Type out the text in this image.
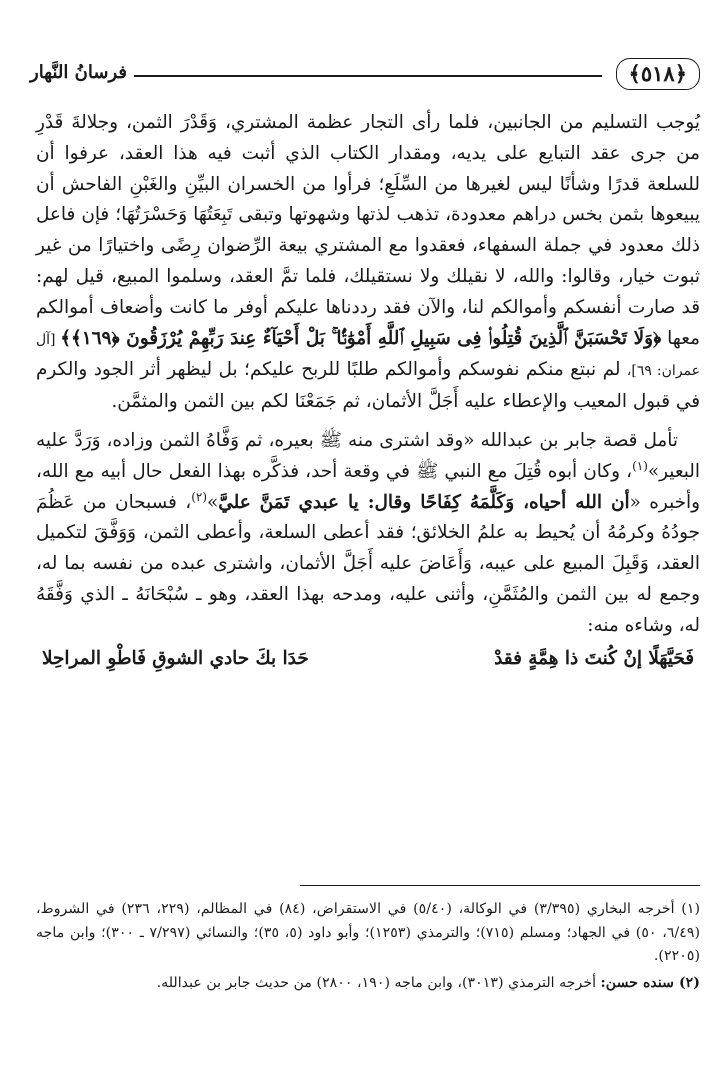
﴿٥١٨﴾
فرسانُ النَّهار

يُوجب التسليم من الجانبين، فلما رأى التجار عظمة المشتري، وَقَدْرَ الثمن، وجلالةَ قَدْرِ من جرى عقد التبايع على يديه، ومقدار الكتاب الذي أثبت فيه هذا العقد، عرفوا أن للسلعة قدرًا وشأنًا ليس لغيرها من السِّلَعِ؛ فرأوا من الخسران البيِّنِ والغَبْنِ الفاحش أن يبيعوها بثمن بخس دراهم معدودة، تذهب لذتها وشهوتها وتبقى تَبِعَتُهَا وَحَسْرَتُهَا؛ فإن فاعل ذلك معدود في جملة السفهاء، فعقدوا مع المشتري بيعة الرِّضوان رِضًى واختيارًا من غير ثبوت خيار، وقالوا: والله، لا نقيلك ولا نستقيلك، فلما تمَّ العقد، وسلموا المبيع، قيل لهم: قد صارت أنفسكم وأموالكم لنا، والآن فقد رددناها عليكم أوفر ما كانت وأضعاف أموالكم معها ﴿وَلَا تَحْسَبَنَّ ٱلَّذِينَ قُتِلُوا۟ فِى سَبِيلِ ٱللَّهِ أَمْوَٰتًۢا ۚ بَلْ أَحْيَآءٌ عِندَ رَبِّهِمْ يُرْزَقُونَ ﴿١٦٩﴾﴾ [آل عمران: ٦٩]، لم نبتع منكم نفوسكم وأموالكم طلبًا للربح عليكم؛ بل ليظهر أثر الجود والكرم في قبول المعيب والإعطاء عليه أَجَلَّ الأثمان، ثم جَمَعْنَا لكم بين الثمن والمثمَّن.

تأمل قصة جابر بن عبدالله «وقد اشترى منه ﷺ بعيره، ثم وَفَّاهُ الثمن وزاده، وَرَدَّ عليه البعير»$^{(١)}$، وكان أبوه قُتِلَ مع النبي ﷺ في وقعة أحد، فذكَّره بهذا الفعل حال أبيه مع الله، وأخبره «أن الله أحياه، وَكَلَّمَهُ كِفَاحًا وقال: يا عبدي تَمَنَّ عليَّ»$^{(٢)}$، فسبحان من عَظُمَ جودُهُ وكرمُهُ أن يُحيط به علمُ الخلائق؛ فقد أعطى السلعة، وأعطى الثمن، وَوَفَّقَ لتكميل العقد، وَقَبِلَ المبيع على عيبه، وَأَعَاضَ عليه أَجَلَّ الأثمان، واشترى عبده من نفسه بما له، وجمع له بين الثمن والمُثَمَّنِ، وأثنى عليه، ومدحه بهذا العقد، وهو ـ سُبْحَانَهُ ـ الذي وَفَّقَهُ له، وشاءه منه:

فَحَيَّهَلًا إنْ كُنتَ ذا هِمَّةٍ فقدْ
حَدَا بكَ حادي الشوقِ فَاطْوِ المراحِلا

(١) أخرجه البخاري (٣/٣٩٥) في الوكالة، (٥/٤٠) في الاستقراض، (٨٤) في المظالم، (٢٢٩، ٢٣٦) في الشروط، (٦/٤٩، ٥٠) في الجهاد؛ ومسلم (٧١٥)؛ والترمذي (١٢٥٣)؛ وأبو داود (٥، ٣٥)؛ والنسائي (٧/٢٩٧ ـ ٣٠٠)؛ وابن ماجه (٢٢٠٥).

(٢) سنده حسن: أخرجه الترمذي (٣٠١٣)، وابن ماجه (١٩٠، ٢٨٠٠) من حديث جابر بن عبدالله.
